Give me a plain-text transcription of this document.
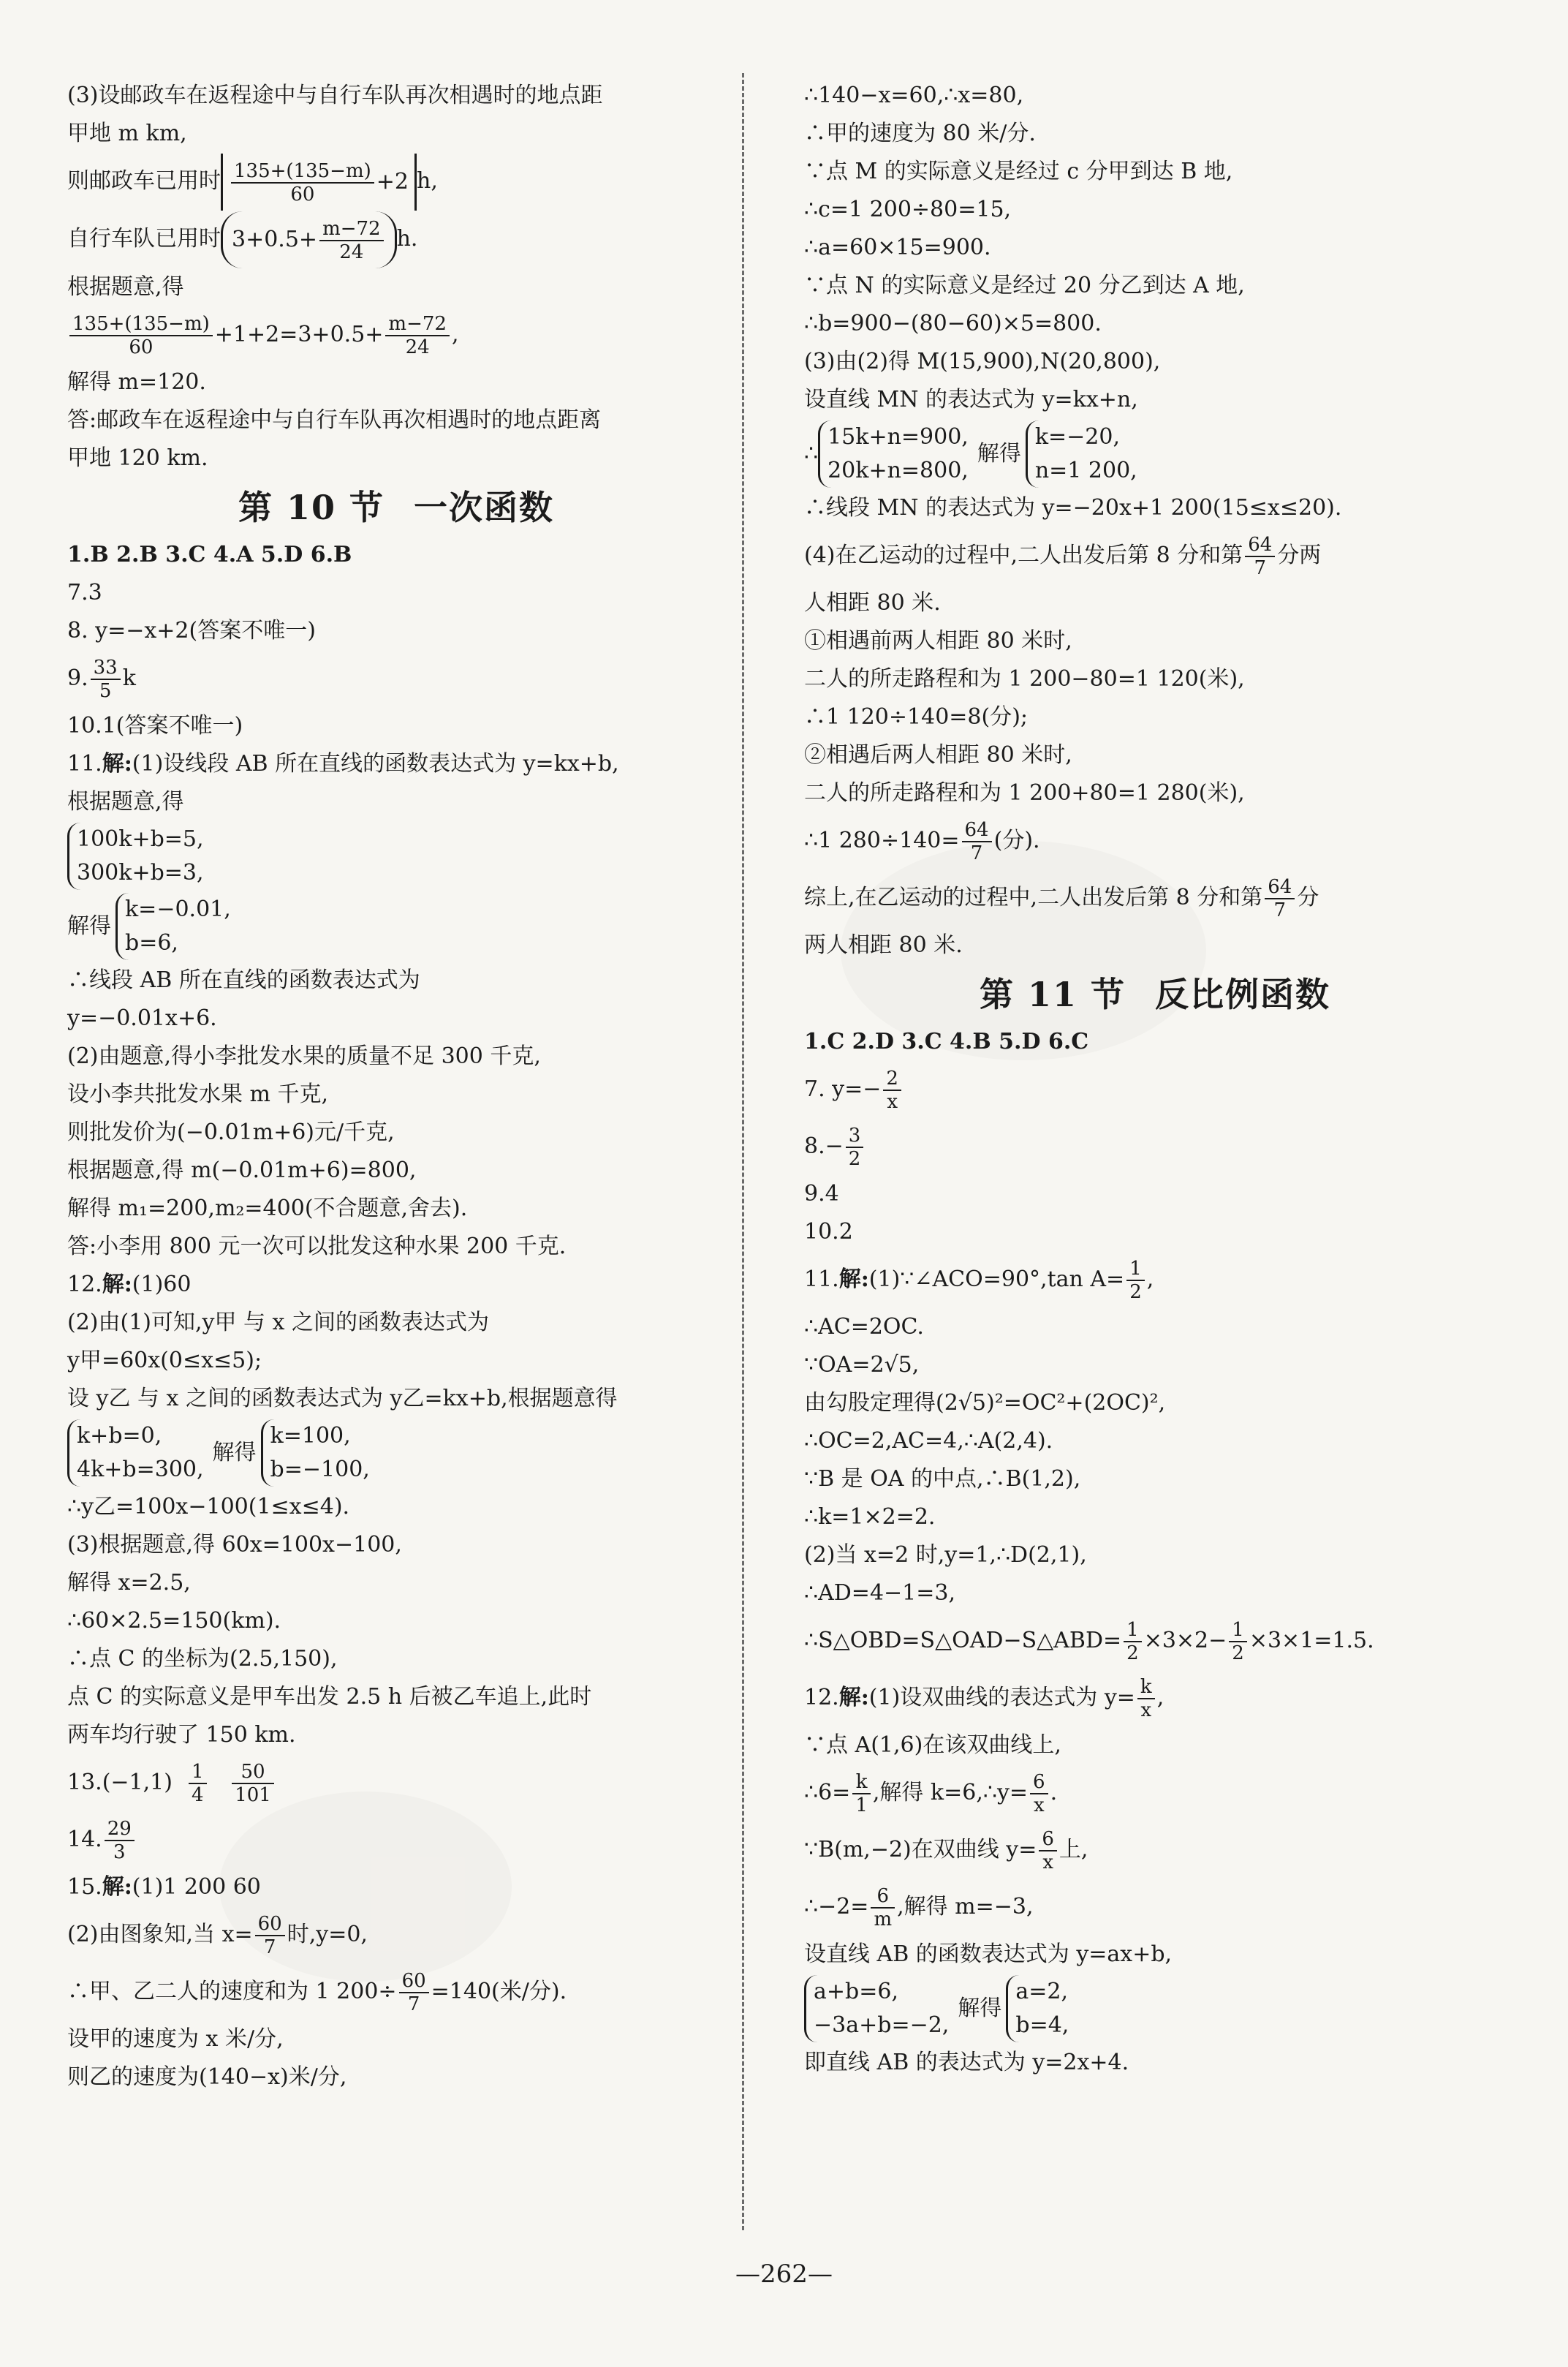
(3)设邮政车在返程途中与自行车队再次相遇时的地点距
甲地 m km,
则邮政车已用时 $\frac{135+(135-m)}{60} +2$ h,
自行车队已用时 $3+0.5+ \frac{m-72}{24} h$.
根据题意,得
$\frac{135+(135-m)}{60} +1+2=3+0.5+ \frac{m-72}{24}$ ,
解得 m=120.
答:邮政车在返程途中与自行车队再次相遇时的地点距离
甲地 120 km.
第 10 节 一次函数
1.B 2.B 3.C 4.A 5.D 6.B
7.3
8. y=−x+2(答案不唯一)
9. $\frac{33}{5}$ k
10.1(答案不唯一)
11.解:(1)设线段 AB 所在直线的函数表达式为 y=kx+b,
根据题意,得
100k+b=5,
300k+b=3,
解得
k=−0.01,
b=6,
∴线段 AB 所在直线的函数表达式为
y=−0.01x+6.
(2)由题意,得小李批发水果的质量不足 300 千克,
设小李共批发水果 m 千克,
则批发价为(−0.01m+6)元/千克,
根据题意,得 m(−0.01m+6)=800,
解得 m₁=200,m₂=400(不合题意,舍去).
答:小李用 800 元一次可以批发这种水果 200 千克.
12.解:(1)60
(2)由(1)可知,y甲 与 x 之间的函数表达式为
y甲=60x(0≤x≤5);
设 y乙 与 x 之间的函数表达式为 y乙=kx+b,根据题意得
k+b=0,
4k+b=300,
解得
k=100,
b=−100,
∴y乙=100x−100(1≤x≤4).
(3)根据题意,得 60x=100x−100,
解得 x=2.5,
∴60×2.5=150(km).
∴点 C 的坐标为(2.5,150),
点 C 的实际意义是甲车出发 2.5 h 后被乙车追上,此时
两车均行驶了 150 km.
$13.(-1,1) \frac{1}{4}$
$\frac{50}{101}$
14. $\frac{29}{3}$
15.解:(1)1 200 60
(2)由图象知,当 $x= \frac{60}{7}$ 时,y=0,
∴甲、乙二人的速度和为 1 $200\div \frac{60}{7} =140$(米/分).
设甲的速度为 x 米/分,
则乙的速度为(140−x)米/分,
∴140−x=60,∴x=80,
∴甲的速度为 80 米/分.
∵点 M 的实际意义是经过 c 分甲到达 B 地,
∴c=1 200÷80=15,
∴a=60×15=900.
∵点 N 的实际意义是经过 20 分乙到达 A 地,
∴b=900−(80−60)×5=800.
(3)由(2)得 M(15,900),N(20,800),
设直线 MN 的表达式为 y=kx+n,
∴
15k+n=900,
20k+n=800,
解得
k=−20,
n=1 200,
∴线段 MN 的表达式为 y=−20x+1 200(15≤x≤20).
(4)在乙运动的过程中,二人出发后第 8 分和第 $\frac{64}{7}$ 分两
人相距 80 米.
①相遇前两人相距 80 米时,
二人的所走路程和为 1 200−80=1 120(米),
∴1 120÷140=8(分);
②相遇后两人相距 80 米时,
二人的所走路程和为 1 200+80=1 280(米),
∴1 $280\div 140= \frac{64}{7}$ (分).
综上,在乙运动的过程中,二人出发后第 8 分和第 $\frac{64}{7}$ 分
两人相距 80 米.
第 11 节 反比例函数
1.C 2.D 3.C 4.B 5.D 6.C
7. $y=- \frac{2}{x}$
$8.- \frac{3}{2}$
9.4
10.2
11.解:(1)∵∠ACO=90°,tan $A= \frac{1}{2}$ ,
∴AC=2OC.
∵OA=2√5,
由勾股定理得(2√5)²=OC²+(2OC)²,
∴OC=2,AC=4,∴A(2,4).
∵B 是 OA 的中点,∴B(1,2),
∴k=1×2=2.
(2)当 x=2 时,y=1,∴D(2,1),
∴AD=4−1=3,
∴S△OBD=S△OAD−S△ABD= $\frac{1}{2} \times 3\times 2- \frac{1}{2} \times 3\times 1=1.5$.
12.解:(1)设双曲线的表达式为 $y= \frac{k}{x}$ ,
∵点 A(1,6)在该双曲线上,
∴6= $\frac{k}{1}$ ,解得 k=6,∴y= $\frac{6}{x}$ .
∵B(m,−2)在双曲线 $y= \frac{6}{x}$ 上,
∴−2= $\frac{6}{m}$ ,解得 m=−3,
设直线 AB 的函数表达式为 y=ax+b,
a+b=6,
−3a+b=−2,
解得
a=2,
b=4,
即直线 AB 的表达式为 y=2x+4.
—262—
